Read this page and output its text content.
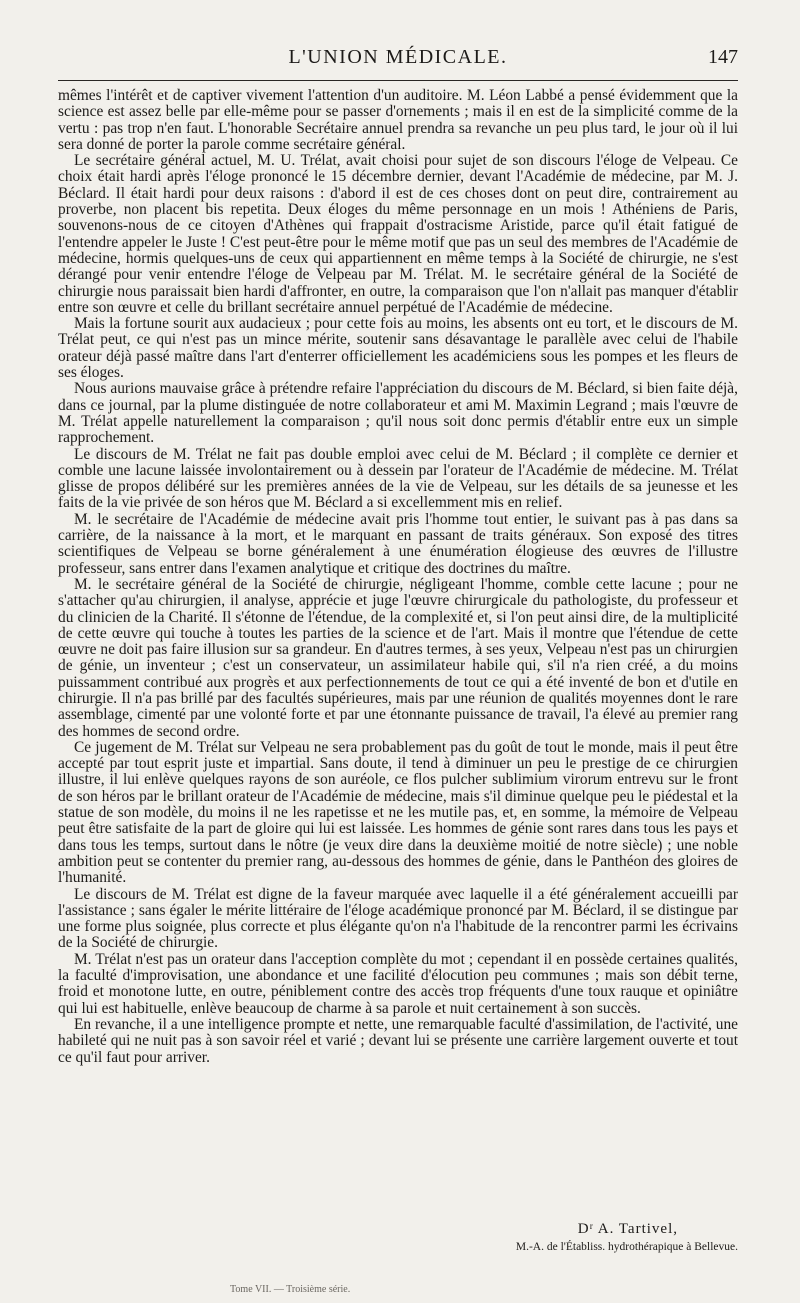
L'UNION MÉDICALE.	147

mêmes l'intérêt et de captiver vivement l'attention d'un auditoire. M. Léon Labbé a pensé évidemment que la science est assez belle par elle-même pour se passer d'ornements ; mais il en est de la simplicité comme de la vertu : pas trop n'en faut. L'honorable Secrétaire annuel prendra sa revanche un peu plus tard, le jour où il lui sera donné de porter la parole comme secrétaire général.

Le secrétaire général actuel, M. U. Trélat, avait choisi pour sujet de son discours l'éloge de Velpeau. Ce choix était hardi après l'éloge prononcé le 15 décembre dernier, devant l'Académie de médecine, par M. J. Béclard. Il était hardi pour deux raisons : d'abord il est de ces choses dont on peut dire, contrairement au proverbe, non placent bis repetita. Deux éloges du même personnage en un mois ! Athéniens de Paris, souvenons-nous de ce citoyen d'Athènes qui frappait d'ostracisme Aristide, parce qu'il était fatigué de l'entendre appeler le Juste ! C'est peut-être pour le même motif que pas un seul des membres de l'Académie de médecine, hormis quelques-uns de ceux qui appartiennent en même temps à la Société de chirurgie, ne s'est dérangé pour venir entendre l'éloge de Velpeau par M. Trélat. M. le secrétaire général de la Société de chirurgie nous paraissait bien hardi d'affronter, en outre, la comparaison que l'on n'allait pas manquer d'établir entre son œuvre et celle du brillant secrétaire annuel perpétué de l'Académie de médecine.

Mais la fortune sourit aux audacieux ; pour cette fois au moins, les absents ont eu tort, et le discours de M. Trélat peut, ce qui n'est pas un mince mérite, soutenir sans désavantage le parallèle avec celui de l'habile orateur déjà passé maître dans l'art d'enterrer officiellement les académiciens sous les pompes et les fleurs de ses éloges.

Nous aurions mauvaise grâce à prétendre refaire l'appréciation du discours de M. Béclard, si bien faite déjà, dans ce journal, par la plume distinguée de notre collaborateur et ami M. Maximin Legrand ; mais l'œuvre de M. Trélat appelle naturellement la comparaison ; qu'il nous soit donc permis d'établir entre eux un simple rapprochement.

Le discours de M. Trélat ne fait pas double emploi avec celui de M. Béclard ; il complète ce dernier et comble une lacune laissée involontairement ou à dessein par l'orateur de l'Académie de médecine. M. Trélat glisse de propos délibéré sur les premières années de la vie de Velpeau, sur les détails de sa jeunesse et les faits de la vie privée de son héros que M. Béclard a si excellemment mis en relief.

M. le secrétaire de l'Académie de médecine avait pris l'homme tout entier, le suivant pas à pas dans sa carrière, de la naissance à la mort, et le marquant en passant de traits généraux. Son exposé des titres scientifiques de Velpeau se borne généralement à une énumération élogieuse des œuvres de l'illustre professeur, sans entrer dans l'examen analytique et critique des doctrines du maître.

M. le secrétaire général de la Société de chirurgie, négligeant l'homme, comble cette lacune ; pour ne s'attacher qu'au chirurgien, il analyse, apprécie et juge l'œuvre chirurgicale du pathologiste, du professeur et du clinicien de la Charité. Il s'étonne de l'étendue, de la complexité et, si l'on peut ainsi dire, de la multiplicité de cette œuvre qui touche à toutes les parties de la science et de l'art. Mais il montre que l'étendue de cette œuvre ne doit pas faire illusion sur sa grandeur. En d'autres termes, à ses yeux, Velpeau n'est pas un chirurgien de génie, un inventeur ; c'est un conservateur, un assimilateur habile qui, s'il n'a rien créé, a du moins puissamment contribué aux progrès et aux perfectionnements de tout ce qui a été inventé de bon et d'utile en chirurgie. Il n'a pas brillé par des facultés supérieures, mais par une réunion de qualités moyennes dont le rare assemblage, cimenté par une volonté forte et par une étonnante puissance de travail, l'a élevé au premier rang des hommes de second ordre.

Ce jugement de M. Trélat sur Velpeau ne sera probablement pas du goût de tout le monde, mais il peut être accepté par tout esprit juste et impartial. Sans doute, il tend à diminuer un peu le prestige de ce chirurgien illustre, il lui enlève quelques rayons de son auréole, ce flos pulcher sublimium virorum entrevu sur le front de son héros par le brillant orateur de l'Académie de médecine, mais s'il diminue quelque peu le piédestal et la statue de son modèle, du moins il ne les rapetisse et ne les mutile pas, et, en somme, la mémoire de Velpeau peut être satisfaite de la part de gloire qui lui est laissée. Les hommes de génie sont rares dans tous les pays et dans tous les temps, surtout dans le nôtre (je veux dire dans la deuxième moitié de notre siècle) ; une noble ambition peut se contenter du premier rang, au-dessous des hommes de génie, dans le Panthéon des gloires de l'humanité.

Le discours de M. Trélat est digne de la faveur marquée avec laquelle il a été généralement accueilli par l'assistance ; sans égaler le mérite littéraire de l'éloge académique prononcé par M. Béclard, il se distingue par une forme plus soignée, plus correcte et plus élégante qu'on n'a l'habitude de la rencontrer parmi les écrivains de la Société de chirurgie.

M. Trélat n'est pas un orateur dans l'acception complète du mot ; cependant il en possède certaines qualités, la faculté d'improvisation, une abondance et une facilité d'élocution peu communes ; mais son débit terne, froid et monotone lutte, en outre, péniblement contre des accès trop fréquents d'une toux rauque et opiniâtre qui lui est habituelle, enlève beaucoup de charme à sa parole et nuit certainement à son succès.

En revanche, il a une intelligence prompte et nette, une remarquable faculté d'assimilation, de l'activité, une habileté qui ne nuit pas à son savoir réel et varié ; devant lui se présente une carrière largement ouverte et tout ce qu'il faut pour arriver.

Dʳ A. Tartivel,
M.-A. de l'Établiss. hydrothérapique à Bellevue.
Tome VII. — Troisième série.
